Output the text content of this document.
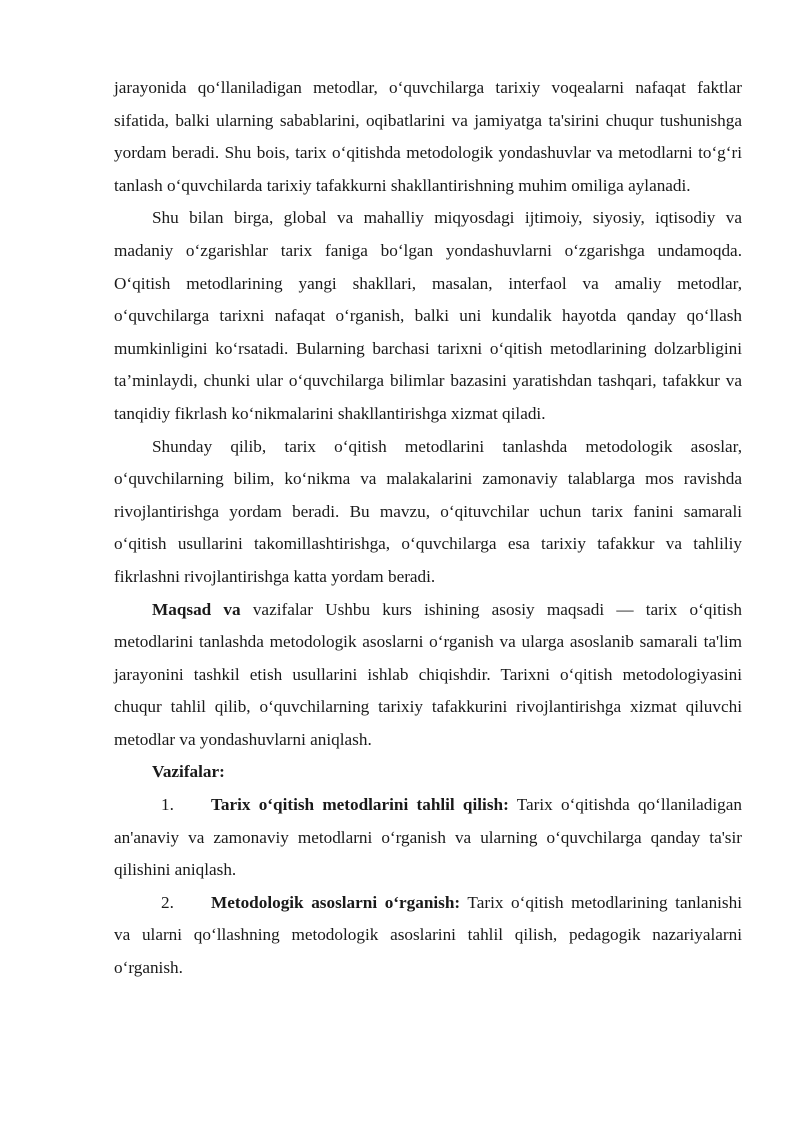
jarayonida qo‘llaniladigan metodlar, o‘quvchilarga tarixiy voqealarni nafaqat faktlar sifatida, balki ularning sabablarini, oqibatlarini va jamiyatga ta'sirini chuqur tushunishga yordam beradi. Shu bois, tarix o‘qitishda metodologik yondashuvlar va metodlarni to‘g‘ri tanlash o‘quvchilarda tarixiy tafakkurni shakllantirishning muhim omiliga aylanadi.

Shu bilan birga, global va mahalliy miqyosdagi ijtimoiy, siyosiy, iqtisodiy va madaniy o‘zgarishlar tarix faniga bo‘lgan yondashuvlarni o‘zgarishga undamoqda. O‘qitish metodlarining yangi shakllari, masalan, interfaol va amaliy metodlar, o‘quvchilarga tarixni nafaqat o‘rganish, balki uni kundalik hayotda qanday qo‘llash mumkinligini ko‘rsatadi. Bularning barchasi tarixni o‘qitish metodlarining dolzarbligini ta’minlaydi, chunki ular o‘quvchilarga bilimlar bazasini yaratishdan tashqari, tafakkur va tanqidiy fikrlash ko‘nikmalarini shakllantirishga xizmat qiladi.

Shunday qilib, tarix o‘qitish metodlarini tanlashda metodologik asoslar, o‘quvchilarning bilim, ko‘nikma va malakalarini zamonaviy talablarga mos ravishda rivojlantirishga yordam beradi. Bu mavzu, o‘qituvchilar uchun tarix fanini samarali o‘qitish usullarini takomillashtirishga, o‘quvchilarga esa tarixiy tafakkur va tahliliy fikrlashni rivojlantirishga katta yordam beradi.

Maqsad va vazifalar Ushbu kurs ishining asosiy maqsadi — tarix o‘qitish metodlarini tanlashda metodologik asoslarni o‘rganish va ularga asoslanib samarali ta'lim jarayonini tashkil etish usullarini ishlab chiqishdir. Tarixni o‘qitish metodologiyasini chuqur tahlil qilib, o‘quvchilarning tarixiy tafakkurini rivojlantirishga xizmat qiluvchi metodlar va yondashuvlarni aniqlash.

Vazifalar:

1. Tarix o‘qitish metodlarini tahlil qilish: Tarix o‘qitishda qo‘llaniladigan an'anaviy va zamonaviy metodlarni o‘rganish va ularning o‘quvchilarga qanday ta'sir qilishini aniqlash.

2. Metodologik asoslarni o‘rganish: Tarix o‘qitish metodlarining tanlanishi va ularni qo‘llashning metodologik asoslarini tahlil qilish, pedagogik nazariyalarni o‘rganish.
